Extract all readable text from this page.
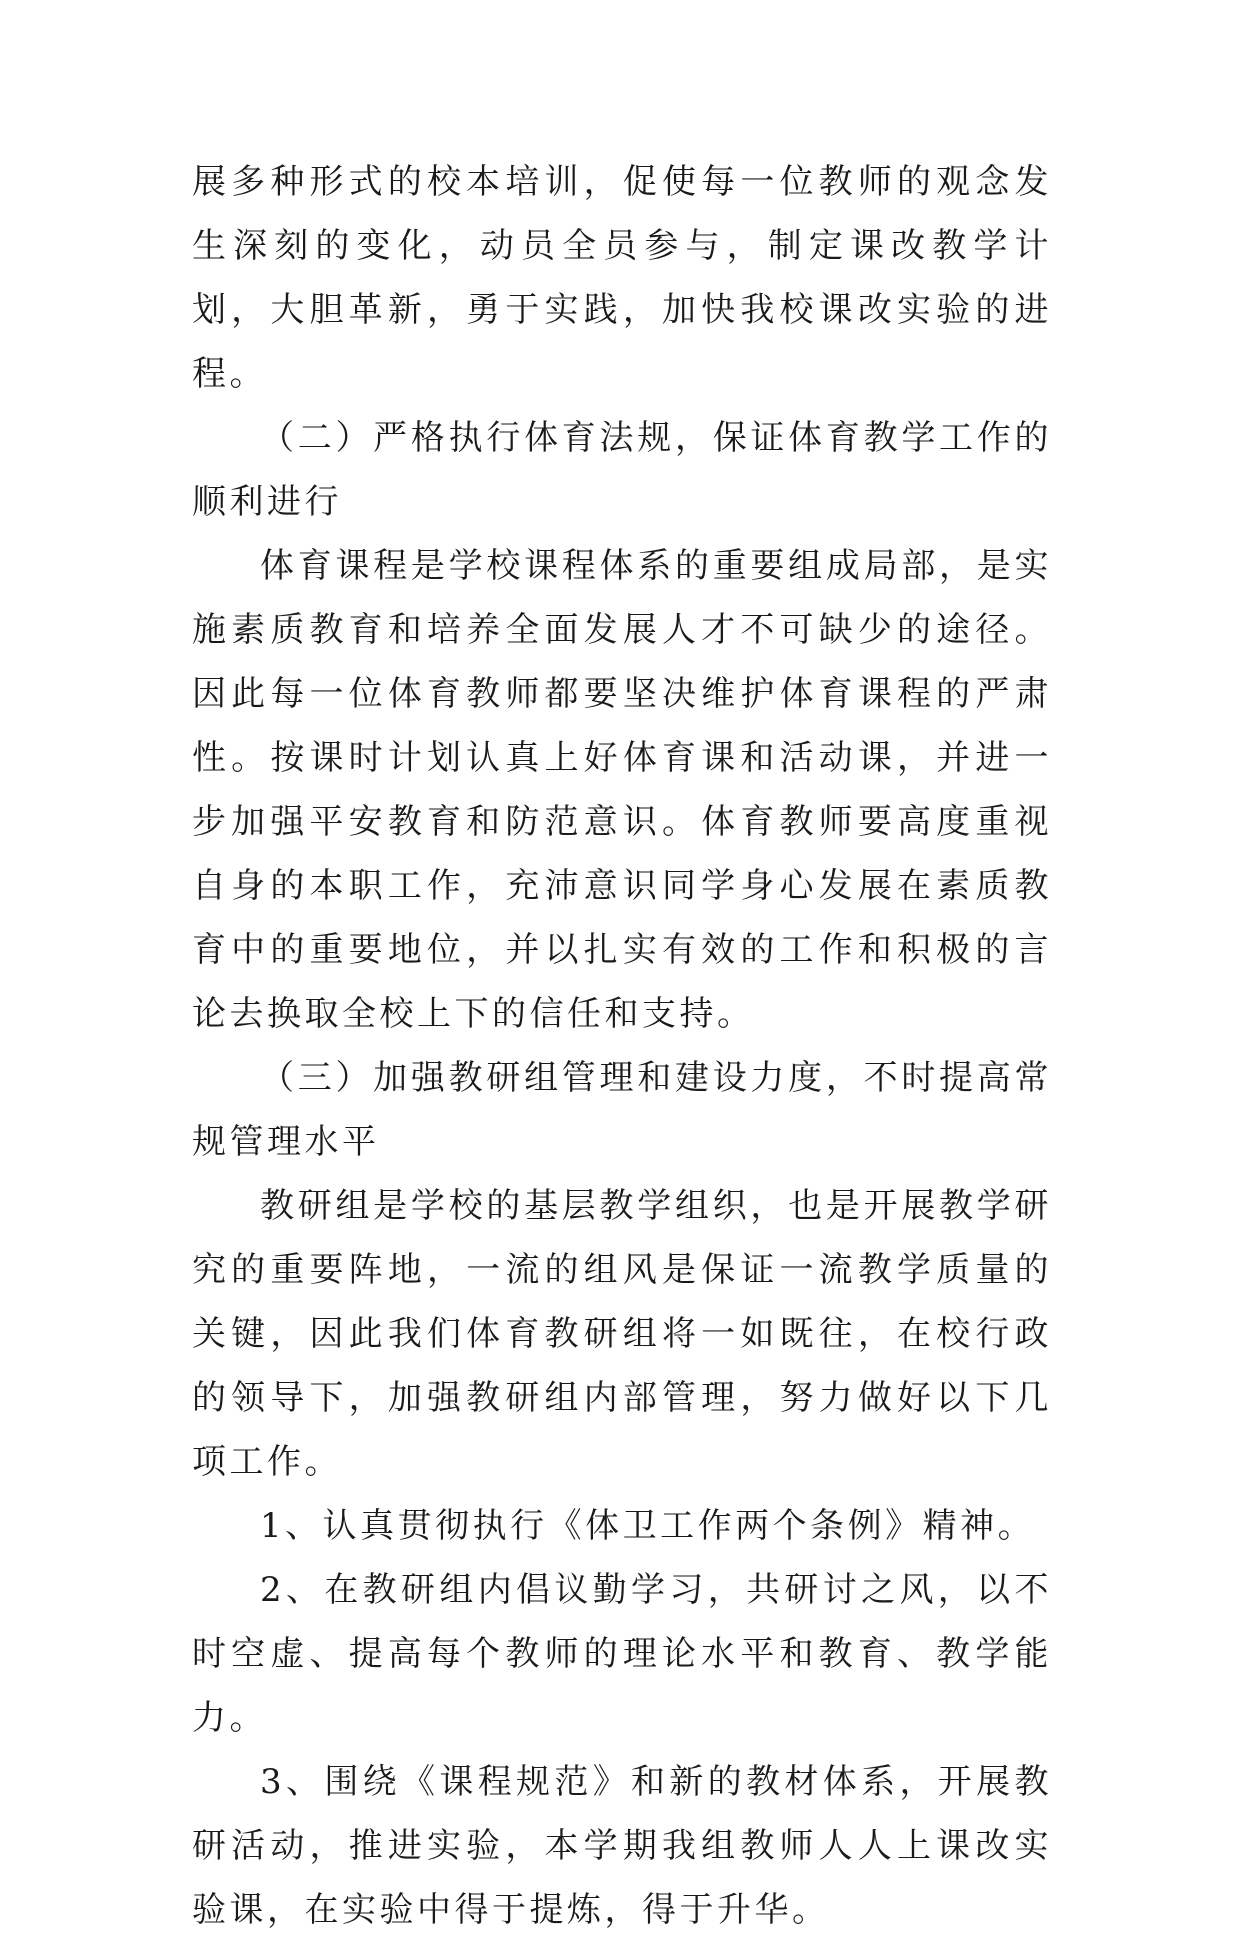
展多种形式的校本培训，促使每一位教师的观念发生深刻的变化，动员全员参与，制定课改教学计划，大胆革新，勇于实践，加快我校课改实验的进程。

（二）严格执行体育法规，保证体育教学工作的顺利进行

体育课程是学校课程体系的重要组成局部，是实施素质教育和培养全面发展人才不可缺少的途径。因此每一位体育教师都要坚决维护体育课程的严肃性。按课时计划认真上好体育课和活动课，并进一步加强平安教育和防范意识。体育教师要高度重视自身的本职工作，充沛意识同学身心发展在素质教育中的重要地位，并以扎实有效的工作和积极的言论去换取全校上下的信任和支持。

（三）加强教研组管理和建设力度，不时提高常规管理水平

教研组是学校的基层教学组织，也是开展教学研究的重要阵地，一流的组风是保证一流教学质量的关键，因此我们体育教研组将一如既往，在校行政的领导下，加强教研组内部管理，努力做好以下几项工作。

1、认真贯彻执行《体卫工作两个条例》精神。

2、在教研组内倡议勤学习，共研讨之风，以不时空虚、提高每个教师的理论水平和教育、教学能力。

3、围绕《课程规范》和新的教材体系，开展教研活动，推进实验，本学期我组教师人人上课改实验课，在实验中得于提炼，得于升华。
